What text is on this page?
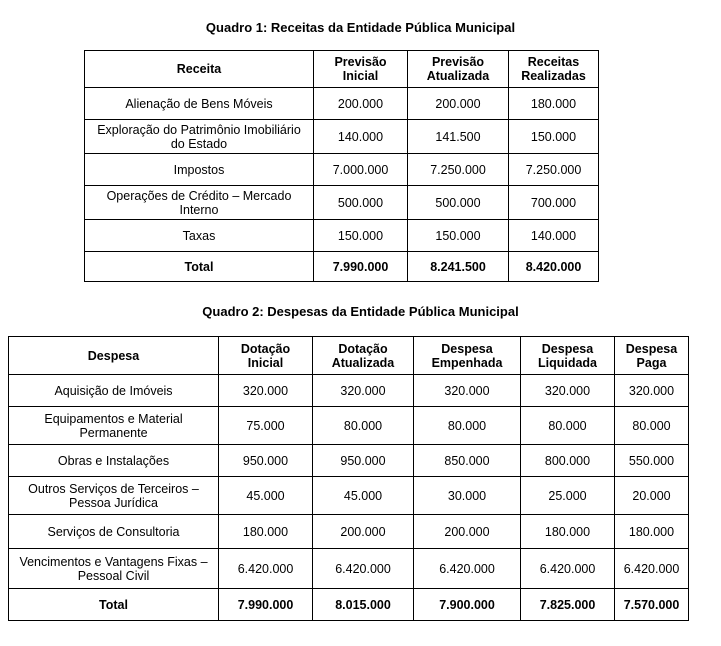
Quadro 1: Receitas da Entidade Pública Municipal
Receita	Previsão Inicial	Previsão Atualizada	Receitas Realizadas
Alienação de Bens Móveis	200.000	200.000	180.000
Exploração do Patrimônio Imobiliário do Estado	140.000	141.500	150.000
Impostos	7.000.000	7.250.000	7.250.000
Operações de Crédito – Mercado Interno	500.000	500.000	700.000
Taxas	150.000	150.000	140.000
Total	7.990.000	8.241.500	8.420.000
Quadro 2: Despesas da Entidade Pública Municipal
Despesa	Dotação Inicial	Dotação Atualizada	Despesa Empenhada	Despesa Liquidada	Despesa Paga
Aquisição de Imóveis	320.000	320.000	320.000	320.000	320.000
Equipamentos e Material Permanente	75.000	80.000	80.000	80.000	80.000
Obras e Instalações	950.000	950.000	850.000	800.000	550.000
Outros Serviços de Terceiros – Pessoa Jurídica	45.000	45.000	30.000	25.000	20.000
Serviços de Consultoria	180.000	200.000	200.000	180.000	180.000
Vencimentos e Vantagens Fixas – Pessoal Civil	6.420.000	6.420.000	6.420.000	6.420.000	6.420.000
Total	7.990.000	8.015.000	7.900.000	7.825.000	7.570.000
